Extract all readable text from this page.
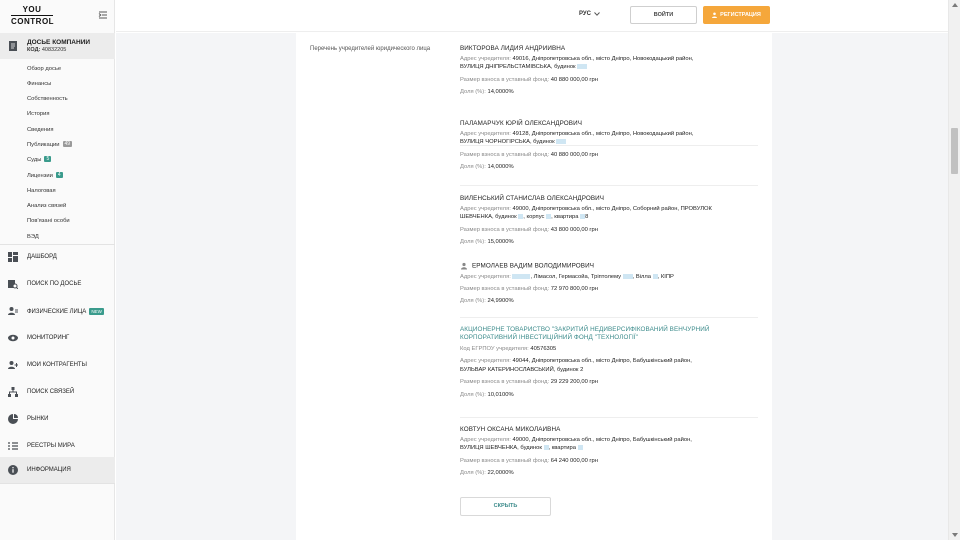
YOU
CONTROL
ДОСЬЕ КОМПАНИИ
КОД: 40832205
Обзор досье
Финансы
Собственность
История
Сведения
Публикации 49
Суды 5
Лицензии 4
Налоговая
Анализ связей
Пов'язані особи
ВЭД
ДАШБОРД
ПОИСК ПО ДОСЬЕ
ФИЗИЧЕСКИЕ ЛИЦА NEW
МОНИТОРИНГ
МОИ КОНТРАГЕНТЫ
ПОИСК СВЯЗЕЙ
РЫНКИ
РЕЕСТРЫ МИРА
ИНФОРМАЦИЯ
РУС	ВОЙТИ	РЕГИСТРАЦИЯ
Перечень учредителей юридического лица	ВИКТОРОВА ЛИДИЯ АНДРИИВНА
Адрес учредителя: 49016, Дніпропетровська обл., місто Дніпро, Новокодацький район,
ВУЛИЦЯ ДНІПРЕЛЬСТАМІВСЬКА, будинок
Размер взноса в уставный фонд: 40 880 000,00 грн
Доля (%): 14,0000%
ПАЛАМАРЧУК ЮРІЙ ОЛЕКСАНДРОВИЧ
Адрес учредителя: 49128, Дніпропетровська обл., місто Дніпро, Новокодацький район,
ВУЛИЦЯ ЧОРНОГІРСЬКА, будинок
Размер взноса в уставный фонд: 40 880 000,00 грн
Доля (%): 14,0000%
ВИЛЕНСЬКИЙ СТАНИСЛАВ ОЛЕКСАНДРОВИЧ
Адрес учредителя: 49000, Дніпропетровська обл., місто Дніпро, Соборний район, ПРОВУЛОК
ШЕВЧЕНКА, будинок , корпус , квартира 8
Размер взноса в уставный фонд: 43 800 000,00 грн
Доля (%): 15,0000%
ЕРМОЛАЕВ ВАДИМ ВОЛОДИМИРОВИЧ
Адрес учредителя:	, Лімасол, Гермасойа, Тріптолему , Вілла , КІПР
Размер взноса в уставный фонд: 72 970 800,00 грн
Доля (%): 24,9900%
АКЦИОНЕРНЕ ТОВАРИСТВО "ЗАКРИТИЙ НЕДИВЕРСИФІКОВАНИЙ ВЕНЧУРНИЙ
КОРПОРАТИВНИЙ ІНВЕСТИЦІЙНИЙ ФОНД "ТЕХНОЛОГІЇ"
Код ЕГРПОУ учредителя: 40576305
Адрес учредителя: 49044, Дніпропетровська обл., місто Дніпро, Бабушкінський район,
БУЛЬВАР КАТЕРИНОСЛАВСЬКИЙ, будинок 2
Размер взноса в уставный фонд: 29 229 200,00 грн
Доля (%): 10,0100%
КОВТУН ОКСАНА МИКОЛАИВНА
Адрес учредителя: 49000, Дніпропетровська обл., місто Дніпро, Бабушкінський район,
ВУЛИЦЯ ШЕВЧЕНКА, будинок , квартира
Размер взноса в уставный фонд: 64 240 000,00 грн
Доля (%): 22,0000%
СКРЫТЬ
